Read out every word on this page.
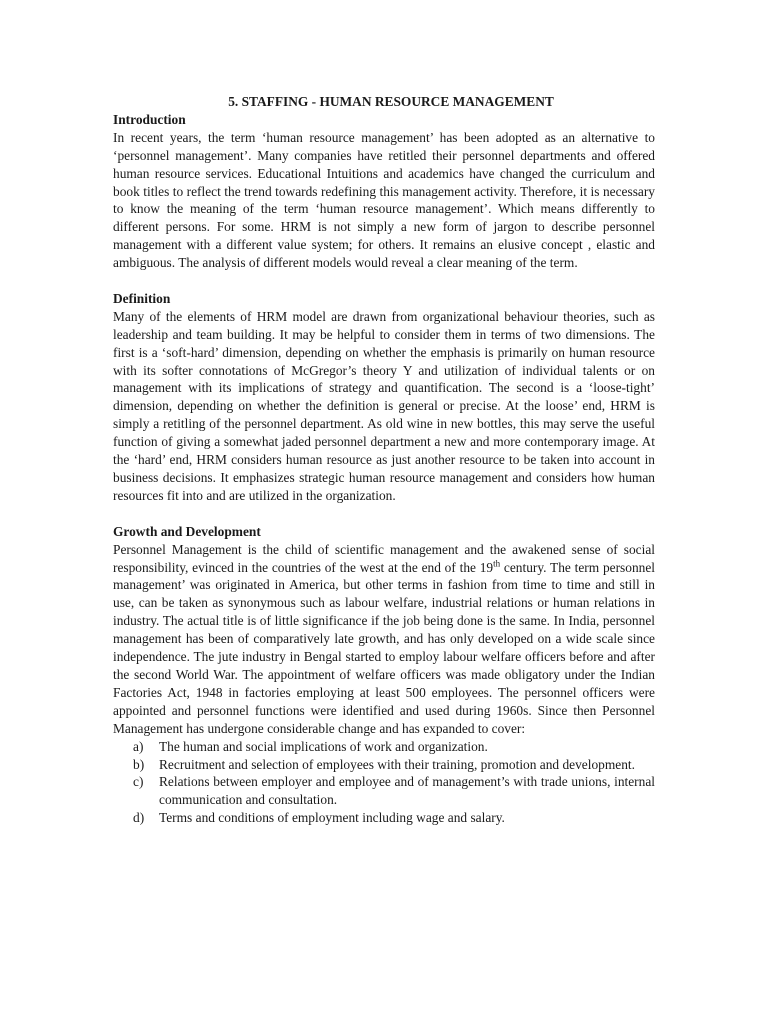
5. STAFFING - HUMAN RESOURCE MANAGEMENT

Introduction

In recent years, the term ‘human resource management’ has been adopted as an alternative to ‘personnel management’. Many companies have retitled their personnel departments and offered human resource services. Educational Intuitions and academics have changed the curriculum and book titles to reflect the trend towards redefining this management activity. Therefore, it is necessary to know the meaning of the term ‘human resource management’. Which means differently to different persons. For some. HRM is not simply a new form of jargon to describe personnel management with a different value system; for others. It remains an elusive concept , elastic and ambiguous. The analysis of different models would reveal a clear meaning of the term.

Definition

Many of the elements of HRM model are drawn from organizational behaviour theories, such as leadership and team building. It may be helpful to consider them in terms of two dimensions. The first is a ‘soft-hard’ dimension, depending on whether the emphasis is primarily on human resource with its softer connotations of McGregor’s theory Y and utilization of individual talents or on management with its implications of strategy and quantification. The second is a ‘loose-tight’ dimension, depending on whether the definition is general or precise. At the loose’ end, HRM is simply a retitling of the personnel department. As old wine in new bottles, this may serve the useful function of giving a somewhat jaded personnel department a new and more contemporary image. At the ‘hard’ end, HRM considers human resource as just another resource to be taken into account in business decisions. It emphasizes strategic human resource management and considers how human resources fit into and are utilized in the organization.

Growth and Development

Personnel Management is the child of scientific management and the awakened sense of social responsibility, evinced in the countries of the west at the end of the 19th century. The term personnel management’ was originated in America, but other terms in fashion from time to time and still in use, can be taken as synonymous such as labour welfare, industrial relations or human relations in industry. The actual title is of little significance if the job being done is the same. In India, personnel management has been of comparatively late growth, and has only developed on a wide scale since independence. The jute industry in Bengal started to employ labour welfare officers before and after the second World War. The appointment of welfare officers was made obligatory under the Indian Factories Act, 1948 in factories employing at least 500 employees. The personnel officers were appointed and personnel functions were identified and used during 1960s. Since then Personnel Management has undergone considerable change and has expanded to cover:

a)	The human and social implications of work and organization.
b)	Recruitment and selection of employees with their training, promotion and development.
c)	Relations between employer and employee and of management’s with trade unions, internal communication and consultation.
d)	Terms and conditions of employment including wage and salary.
